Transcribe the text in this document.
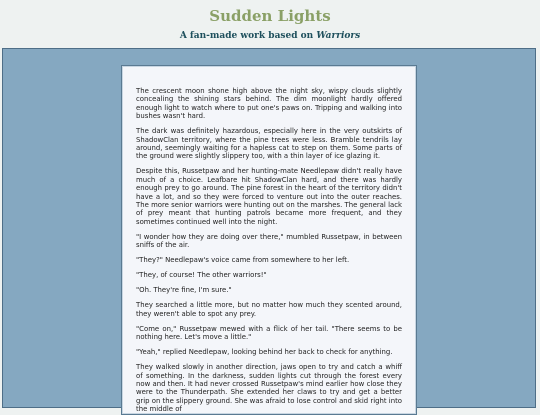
Sudden Lights
A fan-made work based on Warriors

The crescent moon shone high above the night sky, wispy clouds slightly concealing the shining stars behind. The dim moonlight hardly offered enough light to watch where to put one's paws on. Tripping and walking into bushes wasn't hard.

The dark was definitely hazardous, especially here in the very outskirts of ShadowClan territory, where the pine trees were less. Bramble tendrils lay around, seemingly waiting for a hapless cat to step on them. Some parts of the ground were slightly slippery too, with a thin layer of ice glazing it.

Despite this, Russetpaw and her hunting-mate Needlepaw didn't really have much of a choice. Leafbare hit ShadowClan hard, and there was hardly enough prey to go around. The pine forest in the heart of the territory didn't have a lot, and so they were forced to venture out into the outer reaches. The more senior warriors were hunting out on the marshes. The general lack of prey meant that hunting patrols became more frequent, and they sometimes continued well into the night.

"I wonder how they are doing over there," mumbled Russetpaw, in between sniffs of the air.

"They?" Needlepaw's voice came from somewhere to her left.

"They, of course! The other warriors!"

"Oh. They're fine, I'm sure."

They searched a little more, but no matter how much they scented around, they weren't able to spot any prey.

"Come on," Russetpaw mewed with a flick of her tail. "There seems to be nothing here. Let's move a little."

"Yeah," replied Needlepaw, looking behind her back to check for anything.

They walked slowly in another direction, jaws open to try and catch a whiff of something. In the darkness, sudden lights cut through the forest every now and then. It had never crossed Russetpaw's mind earlier how close they were to the Thunderpath. She extended her claws to try and get a better grip on the slippery ground. She was afraid to lose control and skid right into the middle of
